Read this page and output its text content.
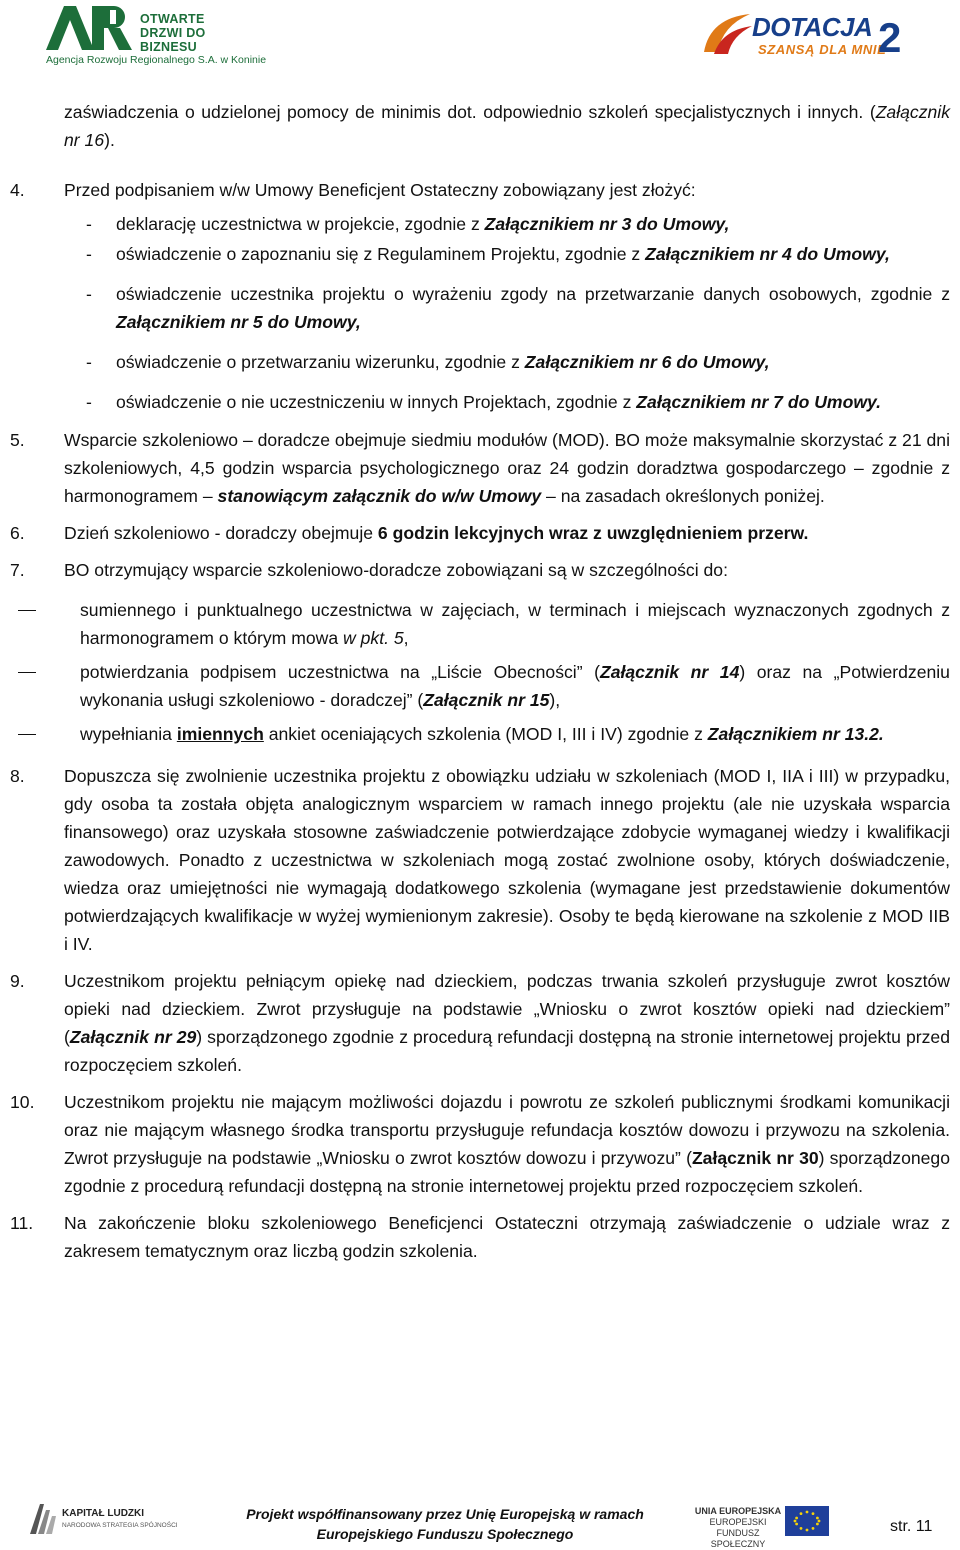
OTWARTE DRZWI DO BIZNESU
Agencja Rozwoju Regionalnego S.A. w Koninie
DOTACJA
SZANSĄ DLA MNIE
2

zaświadczenia o udzielonej pomocy de minimis dot. odpowiednio szkoleń specjalistycznych i innych. (Załącznik nr 16).

4. Przed podpisaniem w/w Umowy Beneficjent Ostateczny zobowiązany jest złożyć:
- deklarację uczestnictwa w projekcie, zgodnie z Załącznikiem nr 3 do Umowy,
- oświadczenie o zapoznaniu się z Regulaminem Projektu, zgodnie z Załącznikiem nr 4 do Umowy,
- oświadczenie uczestnika projektu o wyrażeniu zgody na przetwarzanie danych osobowych, zgodnie z Załącznikiem nr 5 do Umowy,
- oświadczenie o przetwarzaniu wizerunku, zgodnie z Załącznikiem nr 6 do Umowy,
- oświadczenie o nie uczestniczeniu w innych Projektach, zgodnie z Załącznikiem nr 7 do Umowy.
5. Wsparcie szkoleniowo – doradcze obejmuje siedmiu modułów (MOD). BO może maksymalnie skorzystać z 21 dni szkoleniowych, 4,5 godzin wsparcia psychologicznego oraz 24 godzin doradztwa gospodarczego – zgodnie z harmonogramem – stanowiącym załącznik do w/w Umowy – na zasadach określonych poniżej.
6. Dzień szkoleniowo - doradczy obejmuje 6 godzin lekcyjnych wraz z uwzględnieniem przerw.
7. BO otrzymujący wsparcie szkoleniowo-doradcze zobowiązani są w szczególności do:
sumiennego i punktualnego uczestnictwa w zajęciach, w terminach i miejscach wyznaczonych zgodnych z harmonogramem o którym mowa w pkt. 5,
potwierdzania podpisem uczestnictwa na „Liście Obecności” (Załącznik nr 14) oraz na „Potwierdzeniu wykonania usługi szkoleniowo - doradczej” (Załącznik nr 15),
wypełniania imiennych ankiet oceniających szkolenia (MOD I, III i IV) zgodnie z Załącznikiem nr 13.2.
8. Dopuszcza się zwolnienie uczestnika projektu z obowiązku udziału w szkoleniach (MOD I, IIA i III) w przypadku, gdy osoba ta została objęta analogicznym wsparciem w ramach innego projektu (ale nie uzyskała wsparcia finansowego) oraz uzyskała stosowne zaświadczenie potwierdzające zdobycie wymaganej wiedzy i kwalifikacji zawodowych. Ponadto z uczestnictwa w szkoleniach mogą zostać zwolnione osoby, których doświadczenie, wiedza oraz umiejętności nie wymagają dodatkowego szkolenia (wymagane jest przedstawienie dokumentów potwierdzających kwalifikacje w wyżej wymienionym zakresie). Osoby te będą kierowane na szkolenie z MOD IIB i IV.
9. Uczestnikom projektu pełniącym opiekę nad dzieckiem, podczas trwania szkoleń przysługuje zwrot kosztów opieki nad dzieckiem. Zwrot przysługuje na podstawie „Wniosku o zwrot kosztów opieki nad dzieckiem” (Załącznik nr 29) sporządzonego zgodnie z procedurą refundacji dostępną na stronie internetowej projektu przed rozpoczęciem szkoleń.
10. Uczestnikom projektu nie mającym możliwości dojazdu i powrotu ze szkoleń publicznymi środkami komunikacji oraz nie mającym własnego środka transportu przysługuje refundacja kosztów dowozu i przywozu na szkolenia. Zwrot przysługuje na podstawie „Wniosku o zwrot kosztów dowozu i przywozu” (Załącznik nr 30) sporządzonego zgodnie z procedurą refundacji dostępną na stronie internetowej projektu przed rozpoczęciem szkoleń.
11. Na zakończenie bloku szkoleniowego Beneficjenci Ostateczni otrzymają zaświadczenie o udziale wraz z zakresem tematycznym oraz liczbą godzin szkolenia.
KAPITAŁ LUDZKI
NARODOWA STRATEGIA SPÓJNOŚCI
Projekt współfinansowany przez Unię Europejską w ramach
Europejskiego Funduszu Społecznego
UNIA EUROPEJSKA
EUROPEJSKI
FUNDUSZ SPOŁECZNY
str. 11
